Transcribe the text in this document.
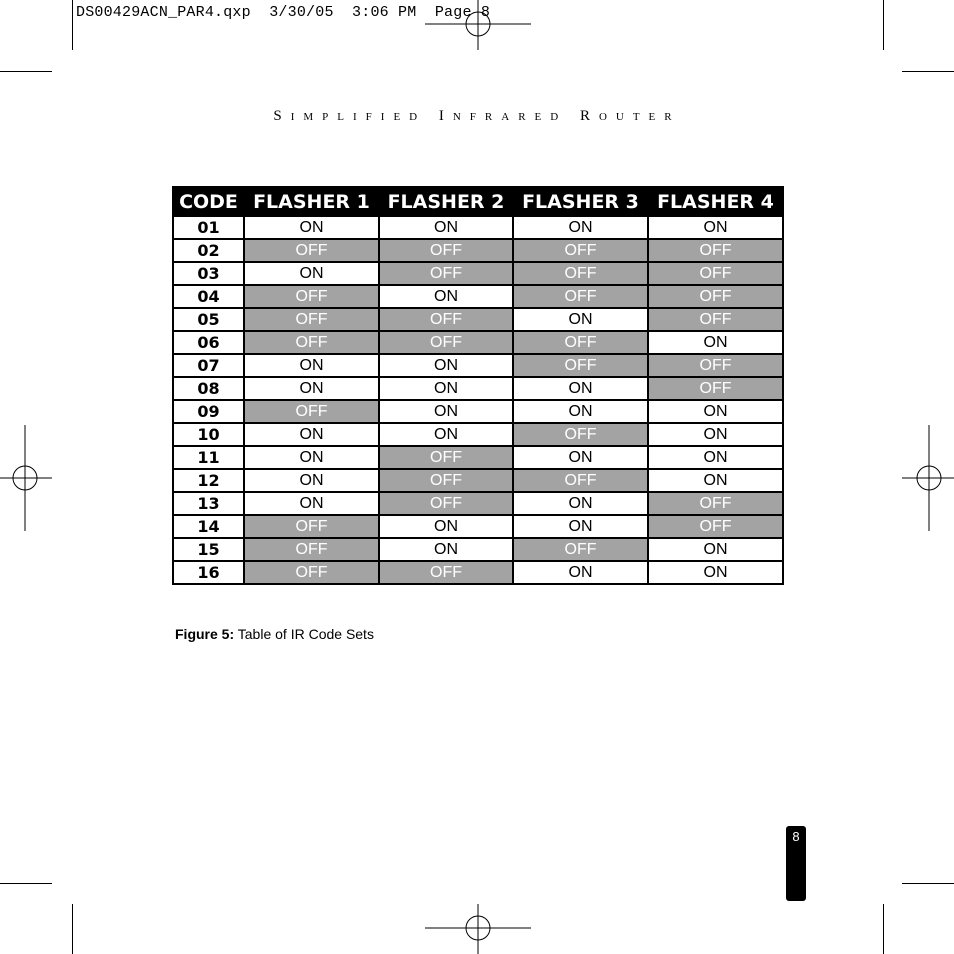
DS00429ACN_PAR4.qxp  3/30/05  3:06 PM  Page 8
Simplified Infrared Router
CODE	FLASHER 1	FLASHER 2	FLASHER 3	FLASHER 4
01	ON	ON	ON	ON
02	OFF	OFF	OFF	OFF
03	ON	OFF	OFF	OFF
04	OFF	ON	OFF	OFF
05	OFF	OFF	ON	OFF
06	OFF	OFF	OFF	ON
07	ON	ON	OFF	OFF
08	ON	ON	ON	OFF
09	OFF	ON	ON	ON
10	ON	ON	OFF	ON
11	ON	OFF	ON	ON
12	ON	OFF	OFF	ON
13	ON	OFF	ON	OFF
14	OFF	ON	ON	OFF
15	OFF	ON	OFF	ON
16	OFF	OFF	ON	ON
Figure 5: Table of IR Code Sets
8
